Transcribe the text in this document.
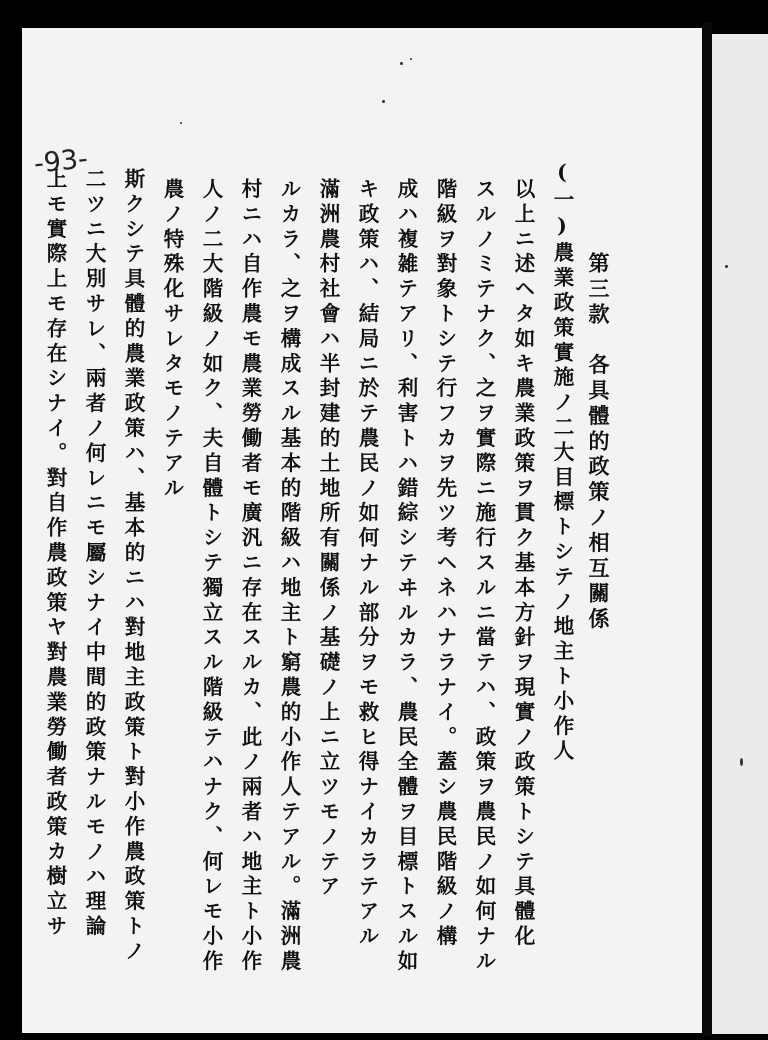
-93-
第三款　各具體的政策ノ相互關係
(一)農業政策實施ノ二大目標トシテノ地主ト小作人
以上ニ述ヘタ如キ農業政策ヲ貫ク基本方針ヲ現實ノ政策トシテ具體化
スルノミテナク、之ヲ實際ニ施行スルニ當テハ、政策ヲ農民ノ如何ナル
階級ヲ對象トシテ行フカヲ先ツ考ヘネハナラナイ。蓋シ農民階級ノ構
成ハ複雑テアリ、利害トハ錯綜シテヰルカラ、農民全體ヲ目標トスル如
キ政策ハ、結局ニ於テ農民ノ如何ナル部分ヲモ救ヒ得ナイカラテアル
滿洲農村社會ハ半封建的土地所有關係ノ基礎ノ上ニ立ツモノテア
ルカラ、之ヲ構成スル基本的階級ハ地主ト窮農的小作人テアル。滿洲農
村ニハ自作農モ農業勞働者モ廣汎ニ存在スルカ、此ノ兩者ハ地主ト小作
人ノ二大階級ノ如ク、夫自體トシテ獨立スル階級テハナク、何レモ小作
農ノ特殊化サレタモノテアル
斯クシテ具體的農業政策ハ、基本的ニハ對地主政策ト對小作農政策トノ
二ツニ大別サレ、兩者ノ何レニモ屬シナイ中間的政策ナルモノハ理論
上モ實際上モ存在シナイ。對自作農政策ヤ對農業勞働者政策カ樹立サ
